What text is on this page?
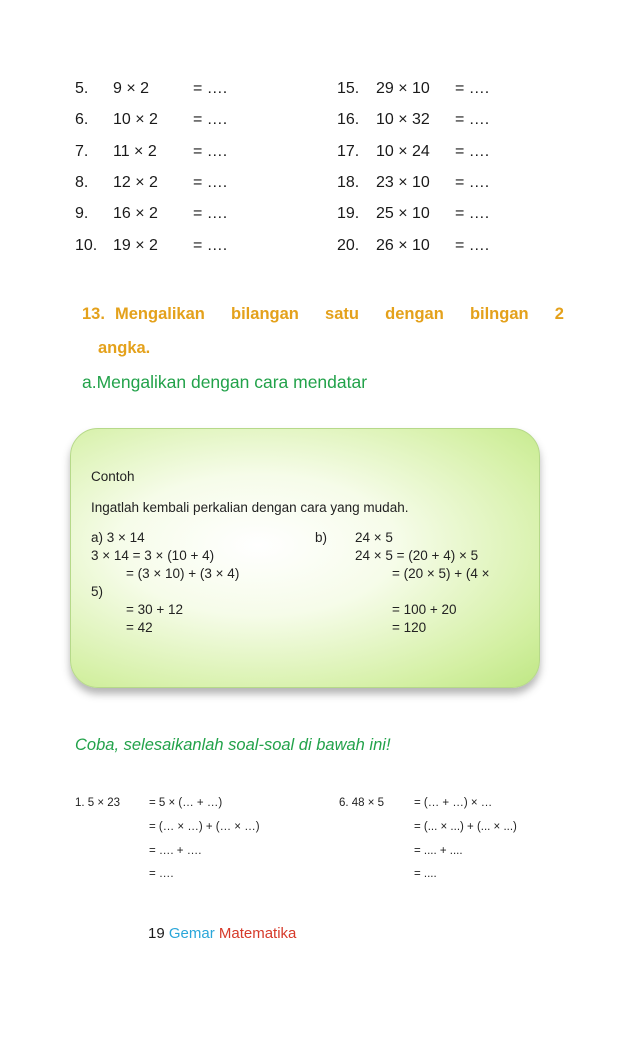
5. 9 × 2	= ….
6. 10 × 2 = ….
7. 11 × 2 = ….
8. 12 × 2 = ….
9. 16 × 2 = ….
10. 19 × 2 = ….
15. 29 × 10 = ….
16. 10 × 32 = ….
17. 10 × 24 = ….
18. 23 × 10 = ….
19. 25 × 10 = ….
20. 26 × 10 = ….
13. Mengalikan bilangan satu dengan bilngan 2
angka.
a.Mengalikan dengan cara mendatar
Contoh
Ingatlah kembali perkalian dengan cara yang mudah.
a) 3 × 14
3 × 14 = 3 × (10 + 4)
= (3 × 10) + (3 × 4)
5)
= 30 + 12
= 42
b) 24 × 5
24 × 5 = (20 + 4) × 5
= (20 × 5) + (4 ×
= 100 + 20
= 120
Coba, selesaikanlah soal-soal di bawah ini!
1. 5 × 23	= 5 × (… + …)
= (… × …) + (… × …)
= …. + ….
= ….
6. 48 × 5	= (… + …) × …
= (... × ...) + (... × ...)
= .... + ....
= ....
19 Gemar Matematika
